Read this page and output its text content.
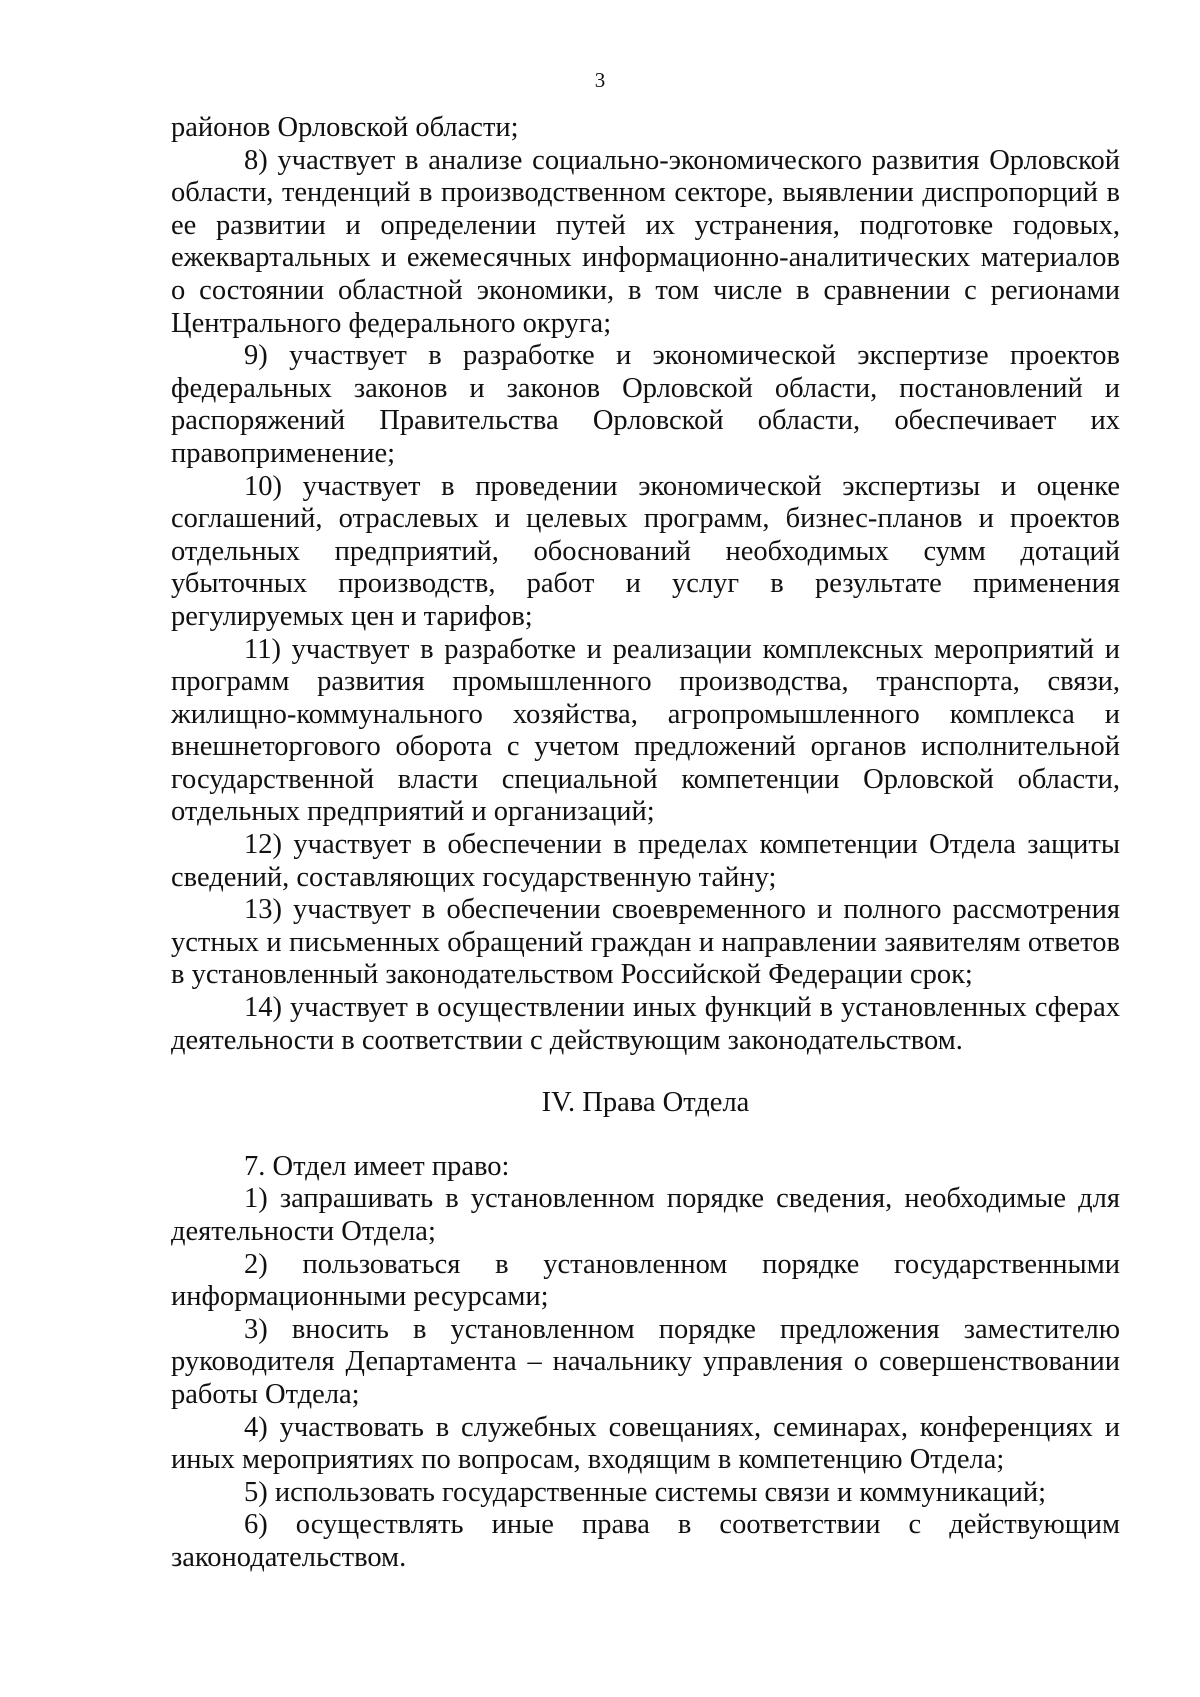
3

районов Орловской области;

8) участвует в анализе социально-экономического развития Орловской области, тенденций в производственном секторе, выявлении диспропорций в ее развитии и определении путей их устранения, подготовке годовых, ежеквартальных и ежемесячных информационно-аналитических материалов о состоянии областной экономики, в том числе в сравнении с регионами Центрального федерального округа;

9) участвует в разработке и экономической экспертизе проектов федеральных законов и законов Орловской области, постановлений и распоряжений Правительства Орловской области, обеспечивает их правоприменение;

10) участвует в проведении экономической экспертизы и оценке соглашений, отраслевых и целевых программ, бизнес-планов и проектов отдельных предприятий, обоснований необходимых сумм дотаций убыточных производств, работ и услуг в результате применения регулируемых цен и тарифов;

11) участвует в разработке и реализации комплексных мероприятий и программ развития промышленного производства, транспорта, связи, жилищно-коммунального хозяйства, агропромышленного комплекса и внешнеторгового оборота с учетом предложений органов исполнительной государственной власти специальной компетенции Орловской области, отдельных предприятий и организаций;

12) участвует в обеспечении в пределах компетенции Отдела защиты сведений, составляющих государственную тайну;

13) участвует в обеспечении своевременного и полного рассмотрения устных и письменных обращений граждан и направлении заявителям ответов в установленный законодательством Российской Федерации срок;

14) участвует в осуществлении иных функций в установленных сферах деятельности в соответствии с действующим законодательством.

IV. Права Отдела

7. Отдел имеет право:

1) запрашивать в установленном порядке сведения, необходимые для деятельности Отдела;

2) пользоваться в установленном порядке государственными информационными ресурсами;

3) вносить в установленном порядке предложения заместителю руководителя Департамента – начальнику управления о совершенствовании работы Отдела;

4) участвовать в служебных совещаниях, семинарах, конференциях и иных мероприятиях по вопросам, входящим в компетенцию Отдела;

5) использовать государственные системы связи и коммуникаций;

6) осуществлять иные права в соответствии с действующим законодательством.
